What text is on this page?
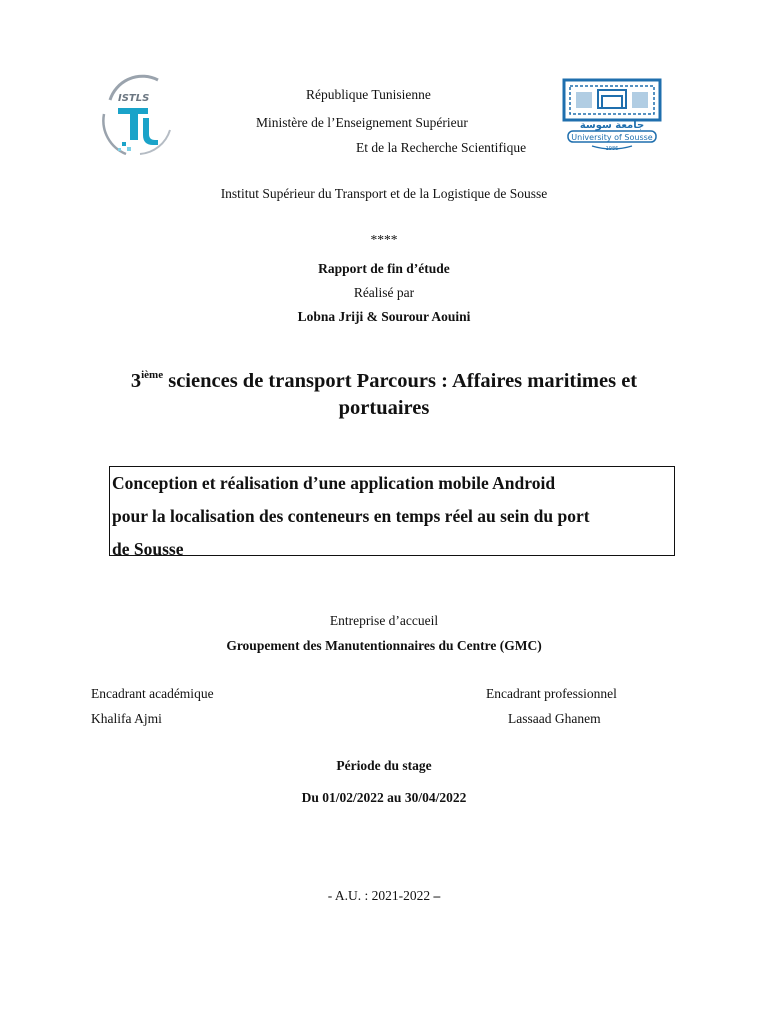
ISTLS
جامعة سوسة
University of Sousse
1986
République Tunisienne
Ministère de l’Enseignement Supérieur
Et de la Recherche Scientifique
Institut Supérieur du Transport et de la Logistique de Sousse
****
Rapport de fin d’étude
Réalisé par
Lobna Jriji & Sourour Aouini
3ième sciences de transport Parcours : Affaires maritimes et
portuaires
Conception et réalisation d’une application mobile Android
pour la localisation des conteneurs en temps réel au sein du port
de Sousse
Entreprise d’accueil
Groupement des Manutentionnaires du Centre (GMC)
Encadrant académique
Khalifa Ajmi
Encadrant professionnel
Lassaad Ghanem
Période du stage
Du 01/02/2022 au 30/04/2022
- A.U. : 2021-2022 –
